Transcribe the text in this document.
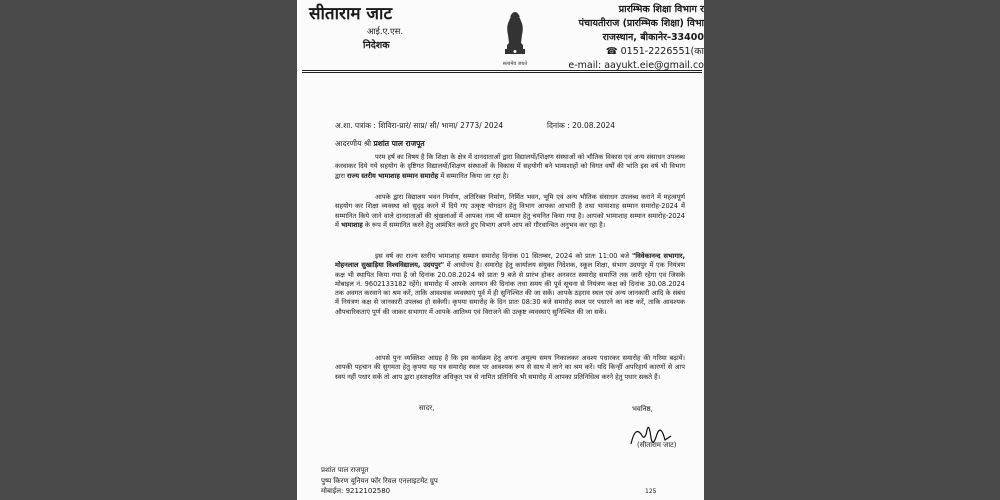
सीताराम जाट
आई.ए.एस.
निदेशक
सत्यमेव जयते
प्रारम्भिक शिक्षा विभाग र
पंचायतीराज (प्रारम्भिक शिक्षा) विभा
राजस्थान, बीकानेर-33400
☎ 0151-2226551(का
e-mail: aayukt.eie@gmail.co
अ.शा. पत्रांक : शिविरा-प्रारं/ साप्र/ सी/ भामा/ 2773/ 2024	दिनांक : 20.08.2024
आदरणीय श्री प्रशांत पाल राजपूत

परम हर्ष का विषय है कि शिक्षा के क्षेत्र में दानदाताओं द्वारा विद्यालयों/शिक्षण संस्थाओं को भौतिक विकास एवं अन्य संसाधन उपलब्ध करवाकर दिये गये सहयोग के दृष्टिगत विद्यालयों/शिक्षण संस्थाओं के विकास में सहयोगी बने भामाशाहों को विगत वर्षों की भांति इस वर्ष भी विभाग द्वारा राज्य स्तरीय भामाशाह सम्मान समारोह में सम्मानित किया जा रहा है।

आपके द्वारा विद्यालय भवन निर्माण, अतिरिक्त निर्माण, निर्मित भवन, भूमि एवं अन्य भौतिक संसाधन उपलब्ध कराने में महत्वपूर्ण सहयोग कर शिक्षा व्यवस्था को सुदृढ़ करने में दिये गए उत्कृष्ट योगदान हेतु विभाग आपका आभारी है तथा भामाशाह सम्मान समारोह-2024 में सम्मानित किये जाने वाले दानदाताओं की श्रृंखलाओं में आपका नाम भी सम्मान हेतु चयनित किया गया है। आपको भामाशाह सम्मान समारोह-2024 में भामाशाह के रूप में सम्मानित करने हेतु आमंत्रित करते हुए विभाग अपने आप को गौरवान्वित अनुभव कर रहा है।

इस वर्ष का राज्य स्तरीय भामाशाह सम्मान समारोह दिनांक 01 सितम्बर, 2024 को प्रातः 11:00 बजे "विवेकानन्द सभागार, मोहनलाल सुखाड़िया विश्वविद्यालय, उदयपुर" में आयोज्य है। समारोह हेतु कार्यालय संयुक्त निदेशक, स्कूल शिक्षा, संभाग उदयपुर में एक नियंत्रण कक्ष भी स्थापित किया गया है जो दिनांक 20.08.2024 को प्रातः 9 बजे से प्रारंभ होकर अनवरत समारोह समाप्ति तक जारी रहेगा एवं जिसके मोबाइल नं. 9602133182 रहेंगे। समारोह में आपके आगमन की दिनांक तथा समय की पूर्व सूचना से नियंत्रण कक्ष को दिनांक 30.08.2024 तक अवगत करवाने का श्रम करें, ताकि आवश्यक व्यवस्थाएं पूर्व में ही सुनिश्चित की जा सकें। आपके ठहराव स्थल एवं अन्य जानकारी आदि के संबंध में नियंत्रण कक्ष से जानकारी उपलब्ध हो सकेगी। कृपया समारोह के दिन प्रातः 08:30 बजे समारोह स्थल पर पधारने का कष्ट करें, ताकि आवश्यक औपचारिकताएं पूर्ण की जाकर सभागार में आपके आतिथ्य एवं विराजने की उत्कृष्ट व्यवस्थाएं सुनिश्चित की जा सकें।

आपसे पुनः व्यक्तिशः आग्रह है कि इस कार्यक्रम हेतु अपना अमूल्य समय निकालकर अवश्य पधारकर समारोह की गरिमा बढ़ायें। आपकी पहचान की सुगमता हेतु कृपया यह पत्र समारोह स्थल पर आवश्यक रूप से साथ में लाने का श्रम करें। यदि किन्हीं अपरिहार्य कारणों से आप स्वयं नहीं पधार सकें तो आप द्वारा हस्ताक्षरित अधिकृत पत्र से नामित प्रतिनिधि भी समारोह में आपका प्रतिनिधित्व करने हेतु पधार सकते हैं।

सादर,	भवनिष्ठ,
(सीताराम जाट)
प्रशांत पाल राजपूत
पुष्प किरण यूनियन फॉर रियल एनलाइटमेंट ग्रुप
मोबाईल: 9212102580	125
